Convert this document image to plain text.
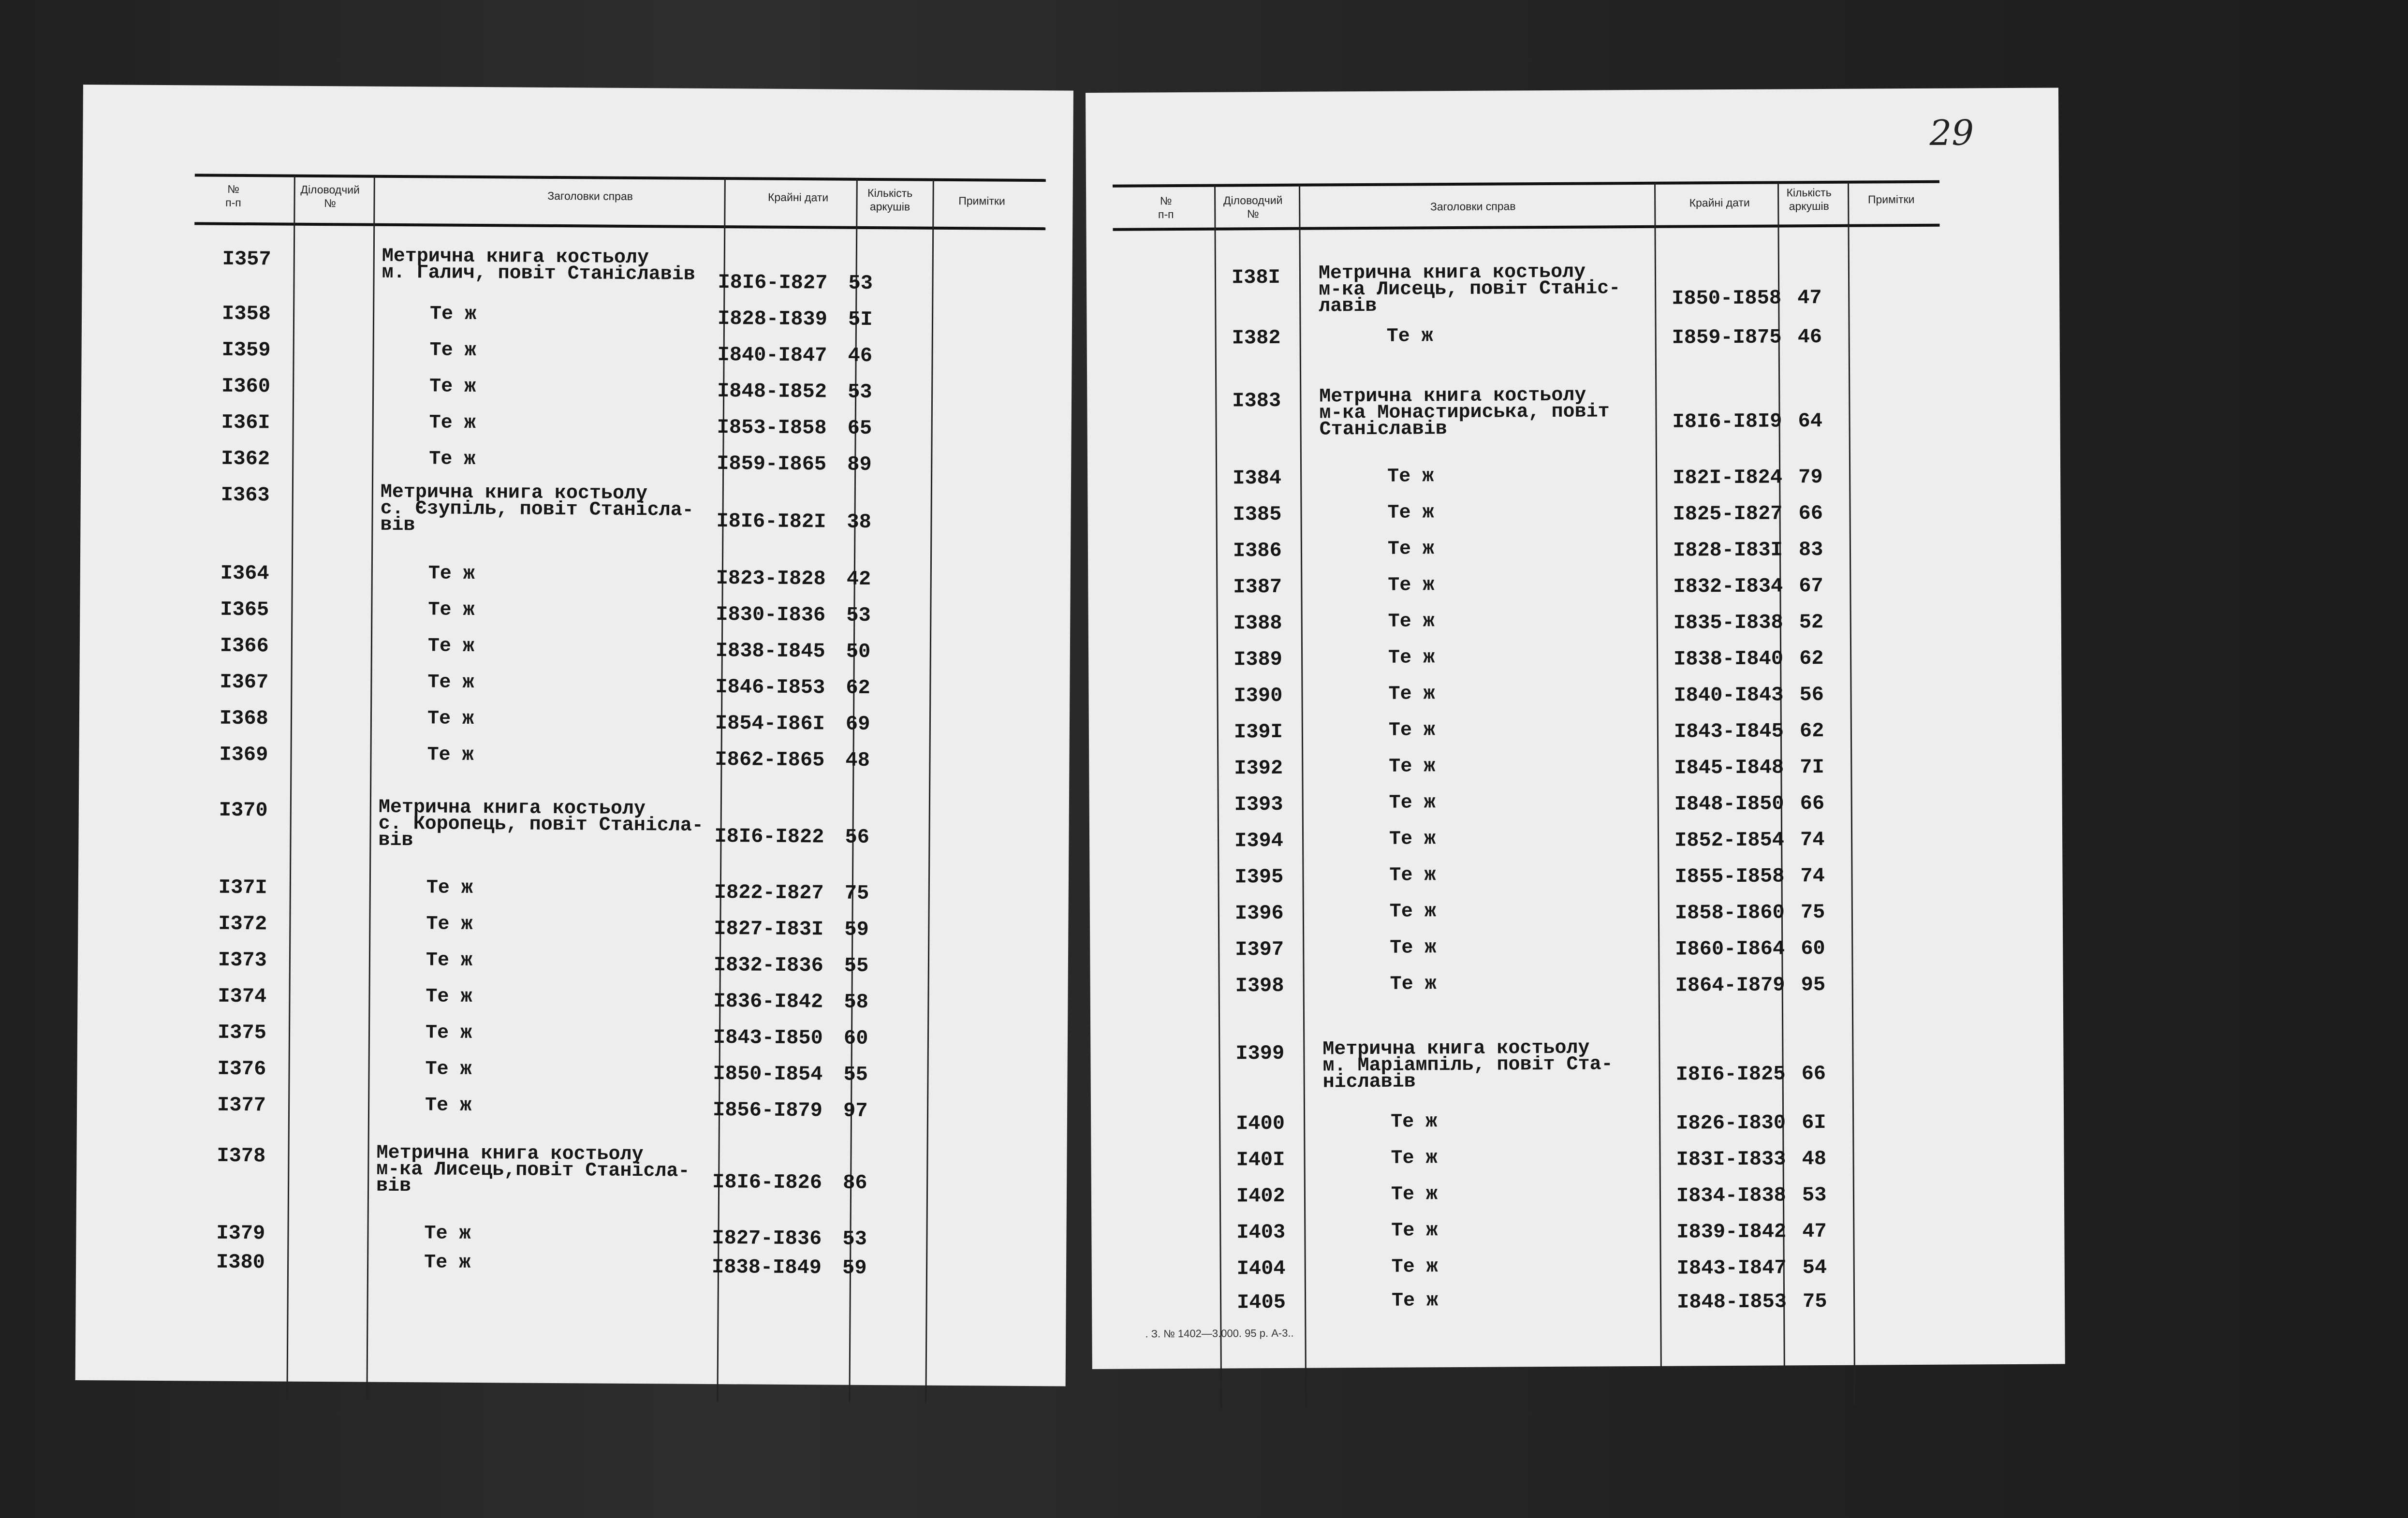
№
п-п
Діловодчий
№
Заголовки справ	Крайні дати	Кількість
аркушів	Примітки
I357	Метрична книга костьолу
м. Галич, повіт Станіславів I8I6-I827 53
I358	Те ж	I828-I839 5I
I359	Те ж	I840-I847 46
I360	Те ж	I848-I852 53
I36I	Те ж	I853-I858 65
I362	Те ж	I859-I865 89
I363	Метрична книга костьолу
с. Єзупіль, повіт Станісла-
вів	I8I6-I82I 38
I364	Те ж	I823-I828 42
I365	Те ж	I830-I836 53
I366	Те ж	I838-I845 50
I367	Те ж	I846-I853 62
I368	Те ж	I854-I86I 69
I369	Те ж	I862-I865 48
I370	Метрична книга костьолу
с. Коропець, повіт Станісла-
вів	I8I6-I822 56
I37I	Те ж	I822-I827 75
I372	Те ж	I827-I83I 59
I373	Те ж	I832-I836 55
I374	Те ж	I836-I842 58
I375	Те ж	I843-I850 60
I376	Те ж	I850-I854 55
I377	Те ж	I856-I879 97
I378	Метрична книга костьолу
м-ка Лисець,повіт Станісла-
вів	I8I6-I826 86
I379	Те ж	I827-I836 53
I380	Те ж	I838-I849 59
29
№
п-п
Діловодчий
№
Заголовки справ	Крайні дати
Кількість
аркушів
Примітки
I38I Метрична книга костьолу
м-ка Лисець, повіт Станіс-
лавів	I850-I858 47
I382	Те ж	I859-I875 46
I383 Метрична книга костьолу
м-ка Монастириська, повіт
Станіславів	I8I6-I8I9 64
I384	Те ж	I82I-I824 79
I385	Те ж	I825-I827 66
I386	Те ж	I828-I83I 83
I387	Те ж	I832-I834 67
I388	Те ж	I835-I838 52
I389	Те ж	I838-I840 62
I390	Те ж	I840-I843 56
I39I	Те ж	I843-I845 62
I392	Те ж	I845-I848 7I
I393	Те ж	I848-I850 66
I394	Те ж	I852-I854 74
I395	Те ж	I855-I858 74
I396	Те ж	I858-I860 75
I397	Те ж	I860-I864 60
I398	Те ж	I864-I879 95
I399 Метрична книга костьолу
м. Маріампіль, повіт Ста-
ніславів	I8I6-I825 66
I400	Те ж	I826-I830 6I
I40I	Те ж	I83I-I833 48
I402	Те ж	I834-I838 53
I403	Те ж	I839-I842 47
I404	Те ж	I843-I847 54
I405	Те ж	I848-I853 75
. З. № 1402—3.000. 95 р. А-3..
